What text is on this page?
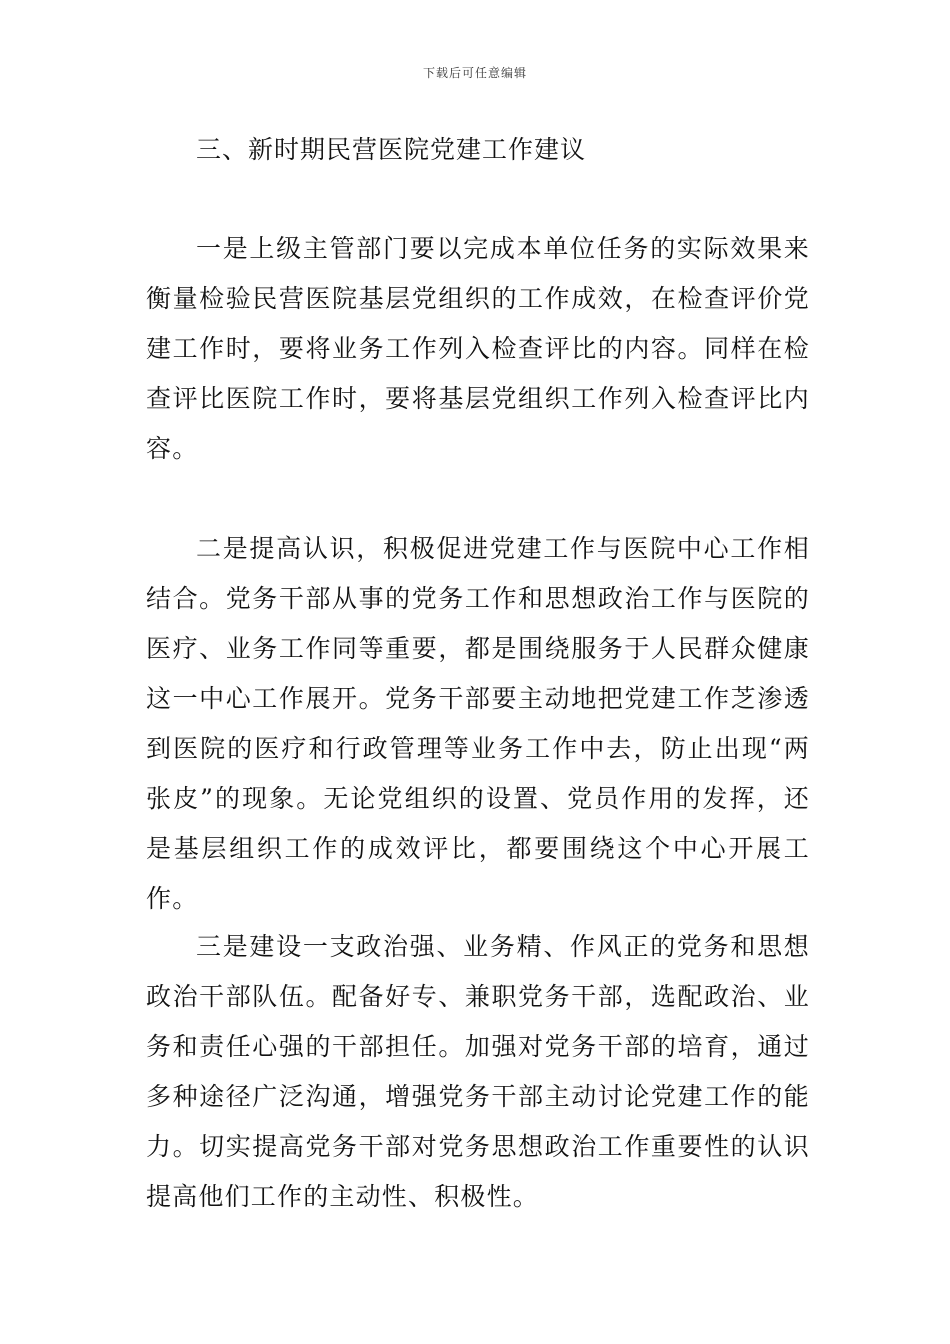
下载后可任意编辑
三、新时期民营医院党建工作建议

一是上级主管部门要以完成本单位任务的实际效果来衡量检验民营医院基层党组织的工作成效，在检查评价党建工作时，要将业务工作列入检查评比的内容。同样在检查评比医院工作时，要将基层党组织工作列入检查评比内容。

二是提高认识，积极促进党建工作与医院中心工作相结合。党务干部从事的党务工作和思想政治工作与医院的医疗、业务工作同等重要，都是围绕服务于人民群众健康这一中心工作展开。党务干部要主动地把党建工作芝渗透到医院的医疗和行政管理等业务工作中去，防止出现“两张皮”的现象。无论党组织的设置、党员作用的发挥，还是基层组织工作的成效评比，都要围绕这个中心开展工作。

三是建设一支政治强、业务精、作风正的党务和思想政治干部队伍。配备好专、兼职党务干部，选配政治、业务和责任心强的干部担任。加强对党务干部的培育，通过多种途径广泛沟通，增强党务干部主动讨论党建工作的能力。切实提高党务干部对党务思想政治工作重要性的认识提高他们工作的主动性、积极性。
